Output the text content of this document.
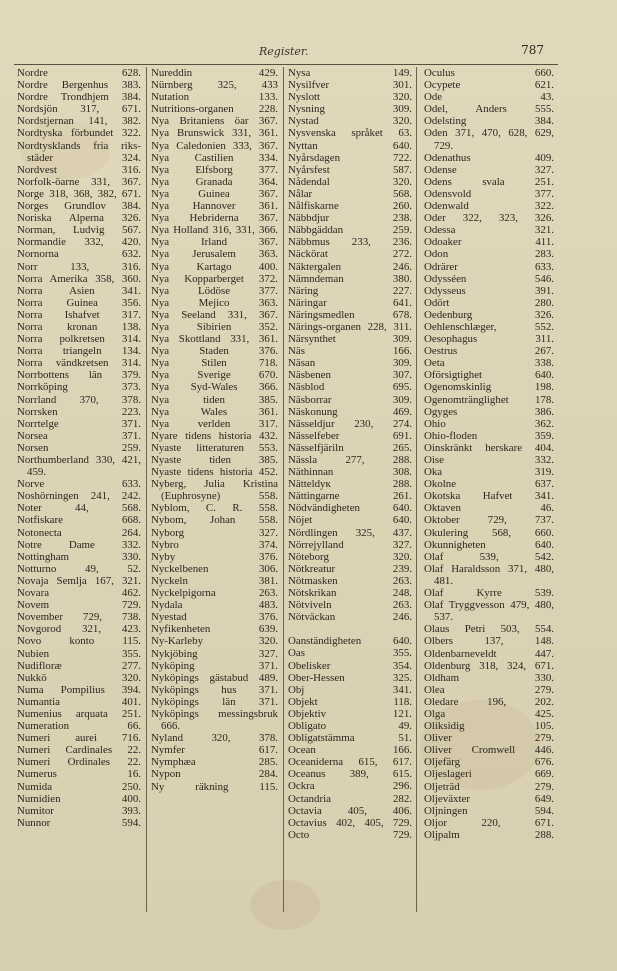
Register.	787
Nordre 628.
Nordre Bergenhus 383.
Nordre Trondhjem 384.
Nordsjön 317, 671.
Nordstjernan 141, 382.
Nordtyska förbundet 322.
Nordtysklands fria riks-städer 324.
Nordvest 316.
Norfolk-öarne 331, 367.
Norge 318, 368, 382, 671.
Norges Grundlov 384.
Noriska Alperna 326.
Norman, Ludvig 567.
Normandie 332, 420.
Nornorna 632.
Norr 133, 316.
Norra Amerika 358, 360.
Norra Asien 341.
Norra Guinea 356.
Norra Ishafvet 317.
Norra kronan 138.
Norra polkretsen 314.
Norra triangeln 134.
Norra vändkretsen 314.
Norrbottens län 379.
Norrköping 373.
Norrland 370, 378.
Norrsken 223.
Norrtelge 371.
Norsea 371.
Norsen 259.
Northumberland 330, 421, 459.
Norve 633.
Noshörningen 241, 242.
Noter 44, 568.
Notfiskare 668.
Notonecta 264.
Notre Dame 332.
Nottingham 330.
Notturno 49, 52.
Novaja Semlja 167, 321.
Novara 462.
Novem 729.
November 729, 738.
Novgorod 321, 423.
Novo konto 115.
Nubien 355.
Nudifloræ 277.
Nukkö 320.
Numa Pompilius 394.
Numantia 401.
Numenius arquata 251.
Numeration 66.
Numeri aurei 716.
Numeri Cardinales 22.
Numeri Ordinales 22.
Numerus 16.
Numida 250.
Numidien 400.
Numitor 393.
Nunnor 594.
Nureddin 429.
Nürnberg 325, 433
Nutation 133.
Nutritions-organen 228.
Nya Britaniens öar 367.
Nya Brunswick 331, 361.
Nya Caledonien 333, 367.
Nya Castilien 334.
Nya Elfsborg 377.
Nya Granada 364.
Nya Guinea 367.
Nya Hannover 361.
Nya Hebriderna 367.
Nya Holland 316, 331, 366.
Nya Irland 367.
Nya Jerusalem 363.
Nya Kartago 400.
Nya Kopparberget 372.
Nya Lödöse 377.
Nya Mejico 363.
Nya Seeland 331, 367.
Nya Sibirien 352.
Nya Skottland 331, 361.
Nya Staden 376.
Nya Stilen 718.
Nya Sverige 670.
Nya Syd-Wales 366.
Nya tiden 385.
Nya Wales 361.
Nya verlden 317.
Nyare tidens historia 432.
Nyaste litteraturen 553.
Nyaste tiden 385.
Nyaste tidens historia 452.
Nyberg, Julia Kristina (Euphrosyne) 558.
Nyblom, C. R. 558.
Nybom, Johan 558.
Nyborg 327.
Nybro 374.
Nyby 376.
Nyckelbenen 306.
Nyckeln 381.
Nyckelpigorna 263.
Nydala 483.
Nyestad 376.
Nyfikenheten 639.
Ny-Karleby 320.
Nykjöbing 327.
Nyköping 371.
Nyköpings gästabud 489.
Nyköpings hus 371.
Nyköpings län 371.
Nyköpings messingsbruk 666.
Nyland 320, 378.
Nymfer 617.
Nymphæa 285.
Nypon 284.
Ny räkning 115.
Nysa 149.
Nysilfver 301.
Nyslott 320.
Nysning 309.
Nystad 320.
Nysvenska språket 63.
Nyttan 640.
Nyårsdagen 722.
Nyårsfest 587.
Nådendal 320.
Nålar 568.
Nålfiskarne 260.
Näbbdjur 238.
Näbbgäddan 259.
Näbbmus 233, 236.
Näckörat 272.
Näktergalen 246.
Nämndeman 380.
Näring 227.
Näringar 641.
Näringsmedlen 678.
Närings-organen 228, 311.
Närsynthet 309.
Näs 166.
Näsan 309.
Näsbenen 307.
Näsblod 695.
Näsborrar 309.
Näskonung 469.
Nässeldjur 230, 274.
Nässelfeber 691.
Nässelfjäriln 265.
Nässla 277, 288.
Näthinnan 308.
Nätteldук 288.
Nättingarne 261.
Nödvändigheten 640.
Nöjet 640.
Nördlingen 325, 437.
Nörrejylland 327.
Nöteborg 320.
Nötkreatur 239.
Nötmasken 263.
Nötskrikan 248.
Nötviveln 263.
Nötväckan 246.
Oanständigheten 640.
Oas 355.
Obelisker 354.
Ober-Hessen 325.
Obj 341.
Objekt 118.
Objektiv 121.
Obligato 49.
Obligatstämma 51.
Ocean 166.
Oceaniderna 615, 617.
Oceanus 389, 615.
Ockra 296.
Octandria 282.
Octavia 405, 406.
Octavius 402, 405, 729.
Octo 729.
Oculus 660.
Ocypete 621.
Ode 43.
Odel, Anders 555.
Odelsting 384.
Oden 371, 470, 628, 629, 729.
Odenathus 409.
Odense 327.
Odens svala 251.
Odensvold 377.
Odenwald 322.
Oder 322, 323, 326.
Odessa 321.
Odoaker 411.
Odon 283.
Odrärer 633.
Odysséen 546.
Odysseus 391.
Odört 280.
Oedenburg 326.
Oehlenschlæger, 552.
Oesophagus 311.
Oestrus 267.
Oeta 338.
Oförsigtighet 640.
Ogenomskinlig 198.
Ogenomtränglighet 178.
Ogyges 386.
Ohio 362.
Ohio-floden 359.
Oinskränkt herskare 404.
Oise 332.
Oka 319.
Okolne 637.
Okotska Hafvet 341.
Oktaven 46.
Oktober 729, 737.
Okulering 568, 660.
Okunnigheten 640.
Olaf 539, 542.
Olaf Haraldsson 371, 480, 481.
Olaf Kyrre 539.
Olaf Tryggvesson 479, 480, 537.
Olaus Petri 503, 554.
Olbers 137, 148.
Oldenbarneveldt 447.
Oldenburg 318, 324, 671.
Oldham 330.
Olea 279.
Oledare 196, 202.
Olga 425.
Oliksidig 105.
Oliver 279.
Oliver Cromwell 446.
Oljefärg 676.
Oljeslageri 669.
Oljeträd 279.
Oljeväxter 649.
Oljningen 594.
Oljor 220, 671.
Oljpalm 288.
